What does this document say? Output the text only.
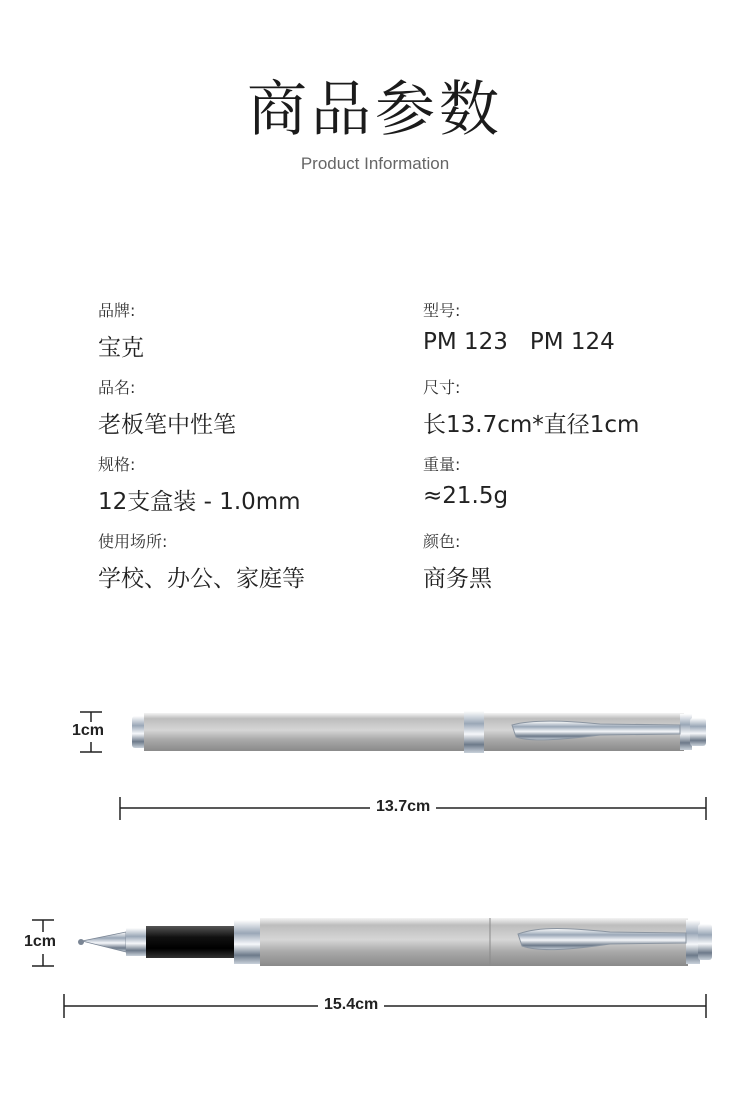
商品参数
Product Information
品牌:
宝克
型号:
PM 123   PM 124
品名:
老板笔中性笔
尺寸:
长13.7cm*直径1cm
规格:
12支盒装 - 1.0mm
重量:
≈21.5g
使用场所:
学校、办公、家庭等
颜色:
商务黑
1cm
13.7cm
1cm
15.4cm
